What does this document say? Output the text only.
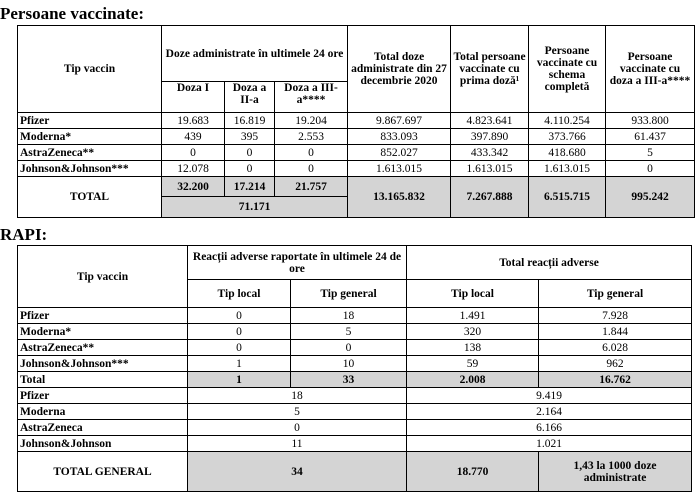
Persoane vaccinate:
Tip vaccin	Doze administrate în ultimele 24 ore			Total doze administrate din 27 decembrie 2020	Total persoane vaccinate cu prima doză¹	Persoane vaccinate cu schema completă	Persoane vaccinate cu doza a III-a****
	Doza I	Doza a II-a	Doza a III-a****				
Pfizer	19.683	16.819	19.204	9.867.697	4.823.641	4.110.254	933.800
Moderna*	439	395	2.553	833.093	397.890	373.766	61.437
AstraZeneca**	0	0	0	852.027	433.342	418.680	5
Johnson&Johnson***	12.078	0	0	1.613.015	1.613.015	1.613.015	0
TOTAL	32.200	17.214	21.757	13.165.832	7.267.888	6.515.715	995.242
	71.171						
RAPI:
Tip vaccin	Reacții adverse raportate în ultimele 24 de ore		Total reacții adverse	
	Tip local	Tip general	Tip local	Tip general
Pfizer	0	18	1.491	7.928
Moderna*	0	5	320	1.844
AstraZeneca**	0	0	138	6.028
Johnson&Johnson***	1	10	59	962
Total	1	33	2.008	16.762
Pfizer	18		9.419	
Moderna	5		2.164	
AstraZeneca	0		6.166	
Johnson&Johnson	11		1.021	
TOTAL GENERAL	34		18.770	1,43 la 1000 doze administrate
